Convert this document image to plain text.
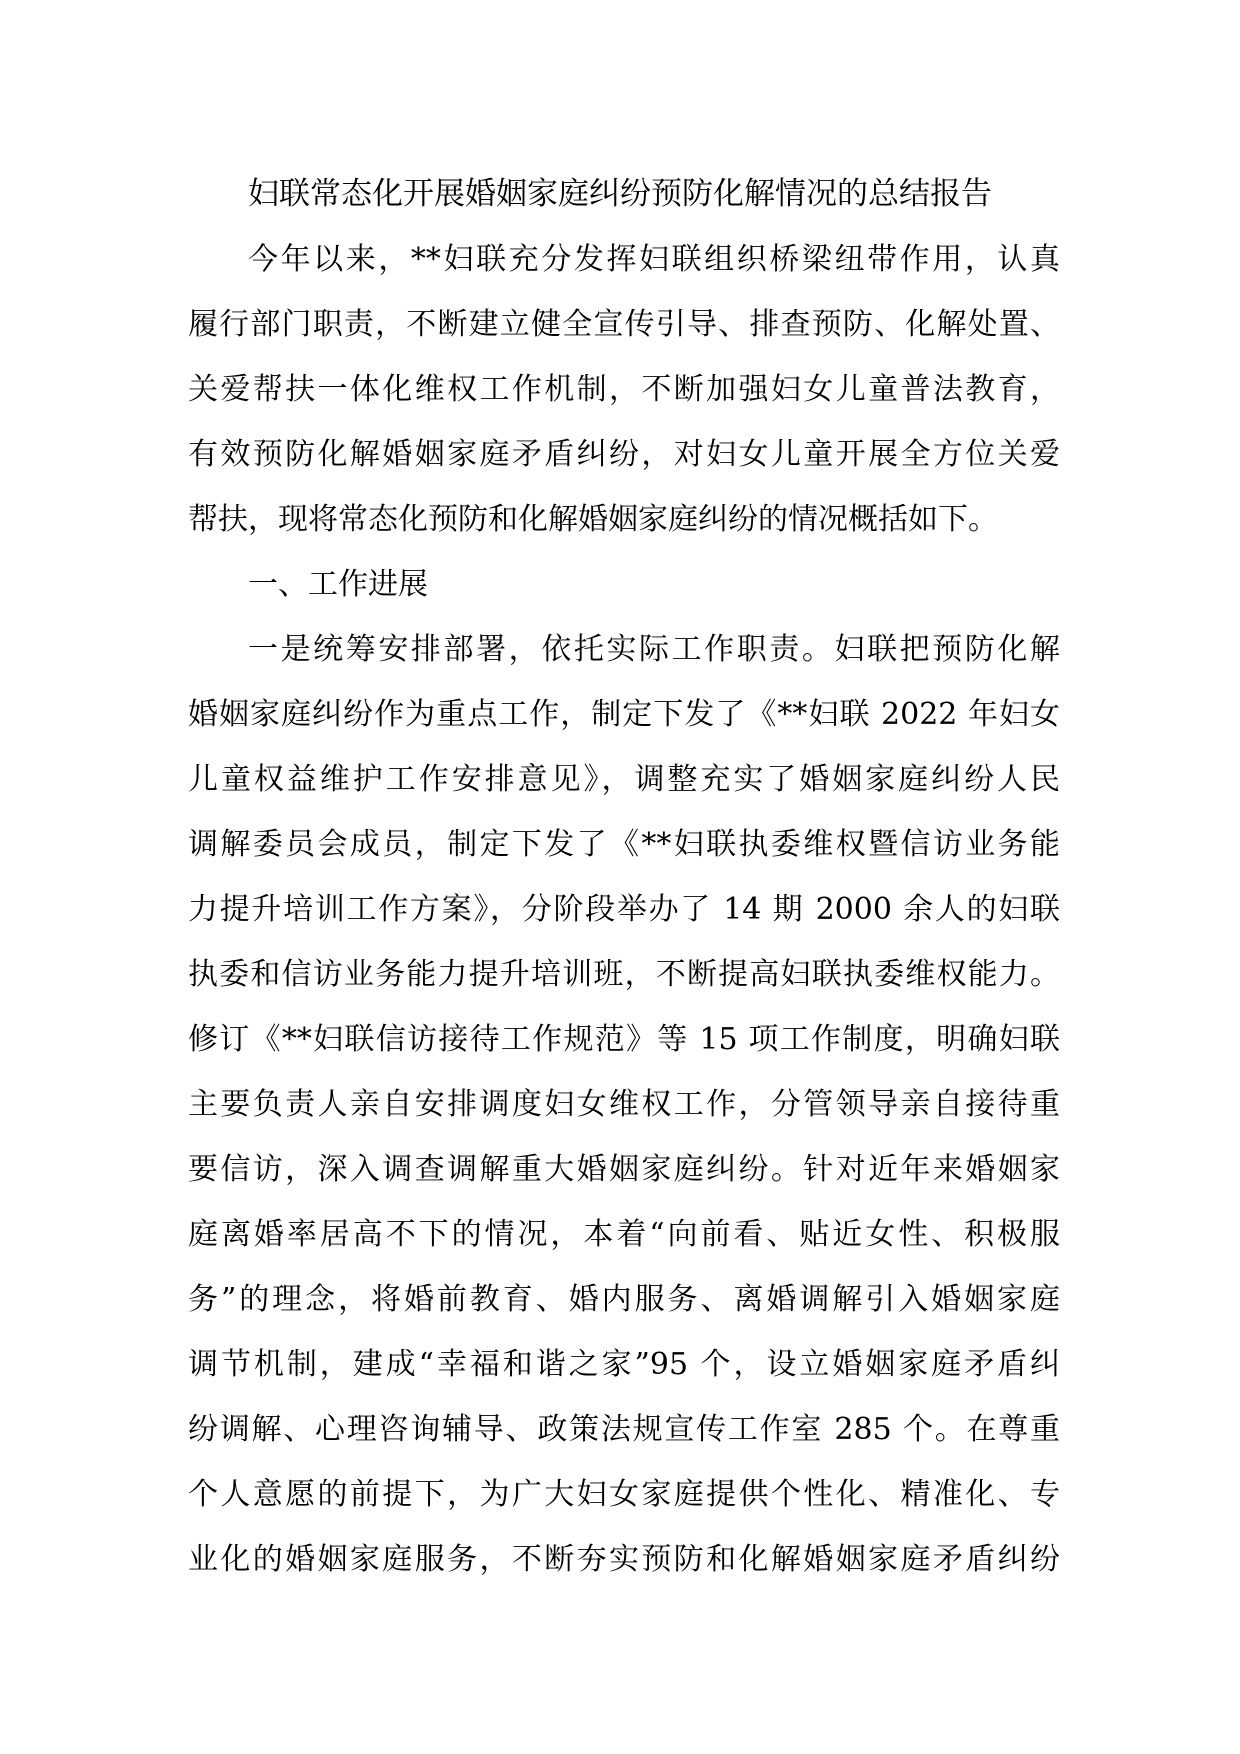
妇联常态化开展婚姻家庭纠纷预防化解情况的总结报告
今年以来，**妇联充分发挥妇联组织桥梁纽带作用，认真
履行部门职责，不断建立健全宣传引导、排查预防、化解处置、
关爱帮扶一体化维权工作机制，不断加强妇女儿童普法教育，
有效预防化解婚姻家庭矛盾纠纷，对妇女儿童开展全方位关爱
帮扶，现将常态化预防和化解婚姻家庭纠纷的情况概括如下。
一、工作进展
一是统筹安排部署，依托实际工作职责。妇联把预防化解
婚姻家庭纠纷作为重点工作，制定下发了《**妇联 2022 年妇女
儿童权益维护工作安排意见》，调整充实了婚姻家庭纠纷人民
调解委员会成员，制定下发了《**妇联执委维权暨信访业务能
力提升培训工作方案》，分阶段举办了 14 期 2000 余人的妇联
执委和信访业务能力提升培训班，不断提高妇联执委维权能力。
修订《**妇联信访接待工作规范》等 15 项工作制度，明确妇联
主要负责人亲自安排调度妇女维权工作，分管领导亲自接待重
要信访，深入调查调解重大婚姻家庭纠纷。针对近年来婚姻家
庭离婚率居高不下的情况，本着“向前看、贴近女性、积极服
务”的理念，将婚前教育、婚内服务、离婚调解引入婚姻家庭
调节机制，建成“幸福和谐之家”95 个，设立婚姻家庭矛盾纠
纷调解、心理咨询辅导、政策法规宣传工作室 285 个。在尊重
个人意愿的前提下，为广大妇女家庭提供个性化、精准化、专
业化的婚姻家庭服务，不断夯实预防和化解婚姻家庭矛盾纠纷
